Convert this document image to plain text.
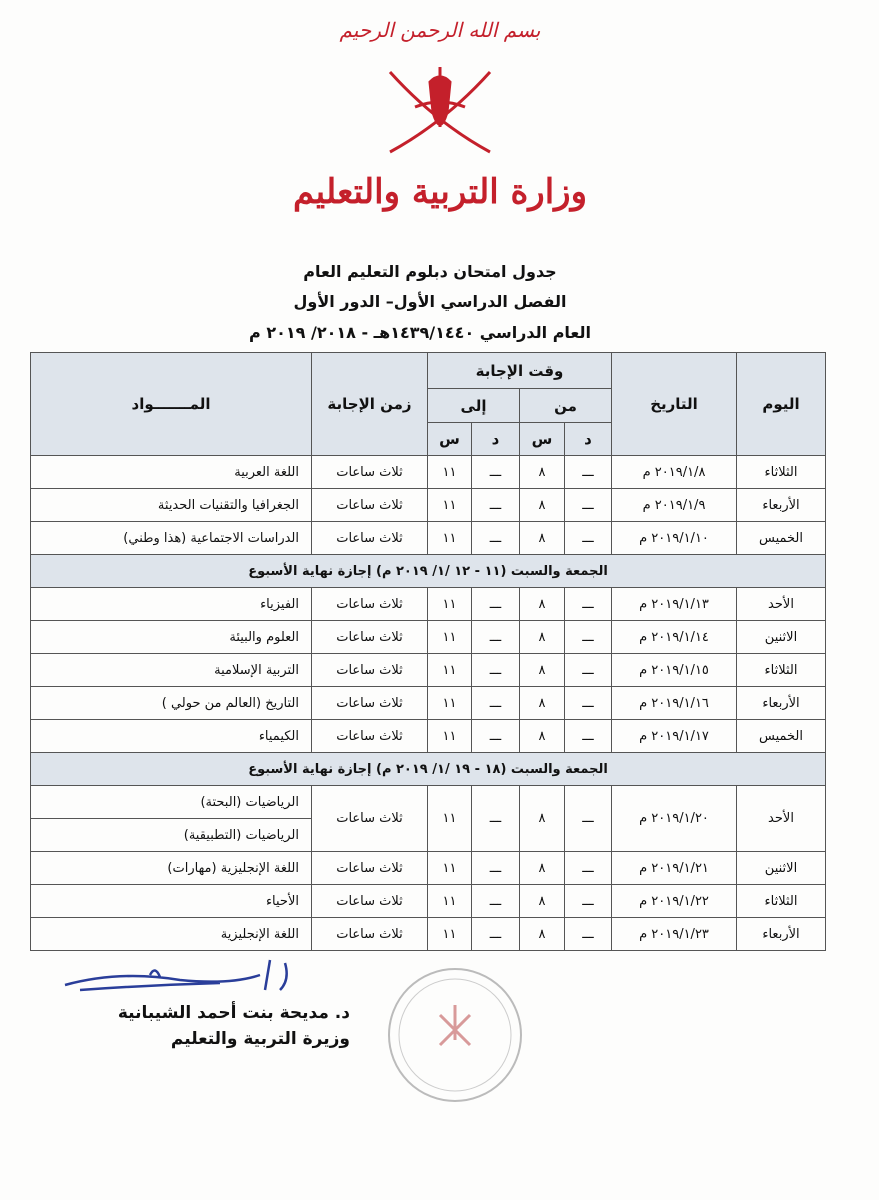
بسم الله الرحمن الرحيم
وزارة التربية والتعليم
جدول امتحان دبلوم التعليم العام
الفصل الدراسي الأول– الدور الأول
العام الدراسي ١٤٣٩/١٤٤٠هـ - ٢٠١٨/ ٢٠١٩ م
اليوم	التاريخ	وقت الإجابة				زمن الإجابة	المـــــــواد
		من		إلى			
		د	س	د	س		
الثلاثاء	٢٠١٩/١/٨ م	ـــ	٨	ـــ	١١	ثلاث ساعات	اللغة العربية
الأربعاء	٢٠١٩/١/٩ م	ـــ	٨	ـــ	١١	ثلاث ساعات	الجغرافيا والتقنيات الحديثة
الخميس	٢٠١٩/١/١٠ م	ـــ	٨	ـــ	١١	ثلاث ساعات	الدراسات الاجتماعية (هذا وطني)
الجمعة والسبت (١١ - ١٢ /١/ ٢٠١٩ م) إجازة نهاية الأسبوع							
الأحد	٢٠١٩/١/١٣ م	ـــ	٨	ـــ	١١	ثلاث ساعات	الفيزياء
الاثنين	٢٠١٩/١/١٤ م	ـــ	٨	ـــ	١١	ثلاث ساعات	العلوم والبيئة
الثلاثاء	٢٠١٩/١/١٥ م	ـــ	٨	ـــ	١١	ثلاث ساعات	التربية الإسلامية
الأربعاء	٢٠١٩/١/١٦ م	ـــ	٨	ـــ	١١	ثلاث ساعات	التاريخ (العالم من حولي )
الخميس	٢٠١٩/١/١٧ م	ـــ	٨	ـــ	١١	ثلاث ساعات	الكيمياء
الجمعة والسبت (١٨ - ١٩ /١/ ٢٠١٩ م) إجازة نهاية الأسبوع							
الأحد	٢٠١٩/١/٢٠ م	ـــ	٨	ـــ	١١	ثلاث ساعات	الرياضيات (البحتة)
							الرياضيات (التطبيقية)
الاثنين	٢٠١٩/١/٢١ م	ـــ	٨	ـــ	١١	ثلاث ساعات	اللغة الإنجليزية (مهارات)
الثلاثاء	٢٠١٩/١/٢٢ م	ـــ	٨	ـــ	١١	ثلاث ساعات	الأحياء
الأربعاء	٢٠١٩/١/٢٣ م	ـــ	٨	ـــ	١١	ثلاث ساعات	اللغة الإنجليزية
د. مديحة بنت أحمد الشيبانية
وزيرة التربية والتعليم
